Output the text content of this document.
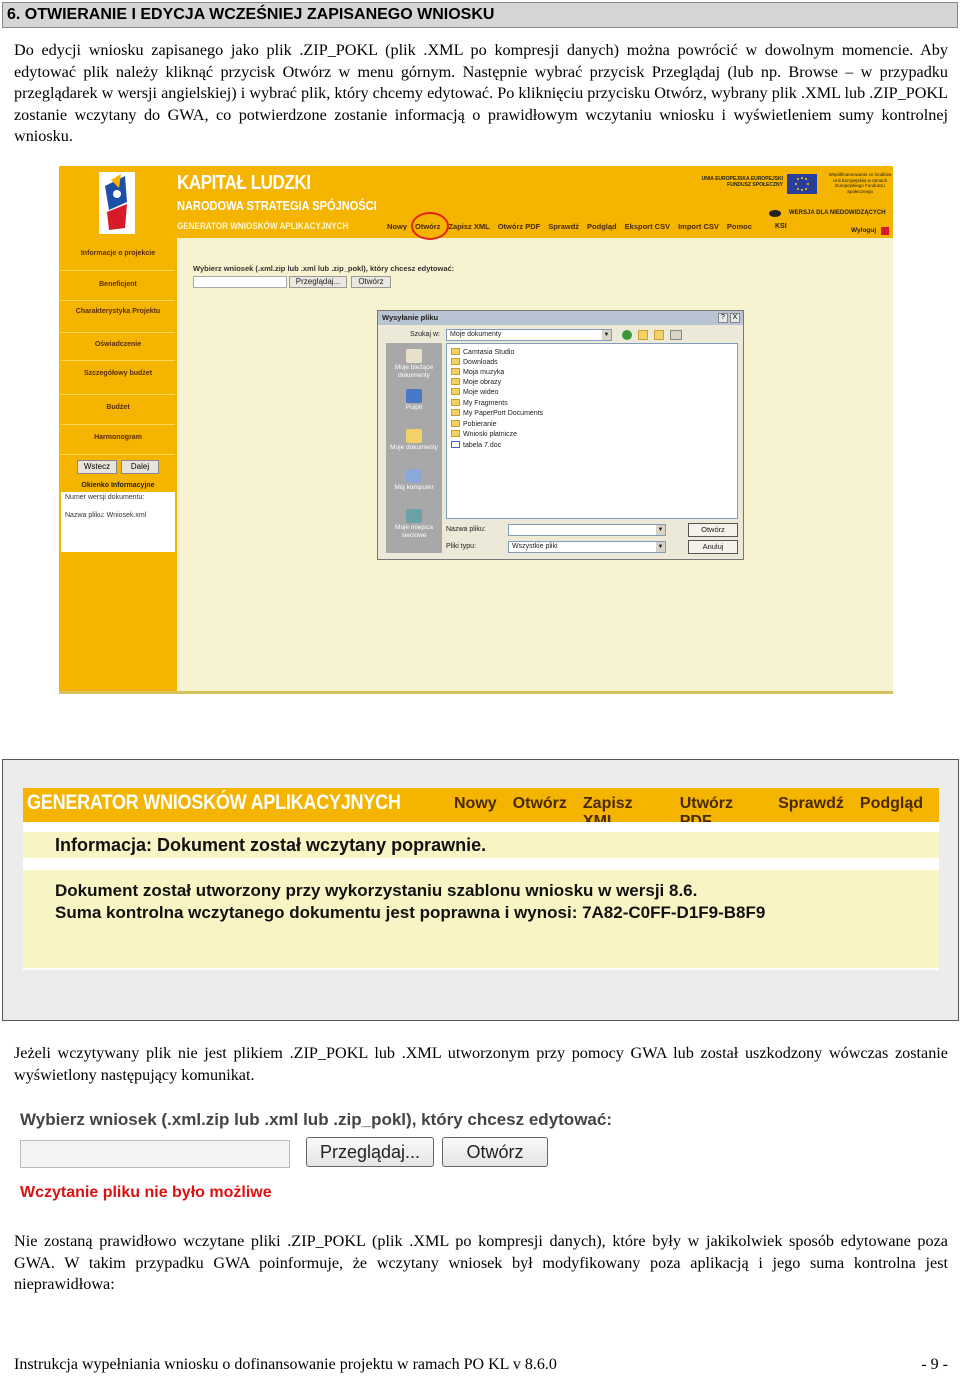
6. OTWIERANIE I EDYCJA WCZEŚNIEJ ZAPISANEGO WNIOSKU

Do edycji wniosku zapisanego jako plik .ZIP_POKL (plik .XML po kompresji danych) można powrócić w dowolnym momencie. Aby edytować plik należy kliknąć przycisk Otwórz w menu górnym. Następnie wybrać przycisk Przeglądaj (lub np. Browse – w przypadku przeglądarek w wersji angielskiej) i wybrać plik, który chcemy edytować. Po kliknięciu przycisku Otwórz, wybrany plik .XML lub .ZIP_POKL zostanie wczytany do GWA, co potwierdzone zostanie informacją o prawidłowym wczytaniu wniosku i wyświetleniem sumy kontrolnej wniosku.

KAPITAŁ LUDZKI
NARODOWA STRATEGIA SPÓJNOŚCI
GENERATOR WNIOSKÓW APLIKACYJNYCH	Nowy Otwórz Zapisz XML Otwórz PDF Sprawdź Podgląd Eksport CSV Import CSV Pomoc
UNIA EUROPEJSKA EUROPEJSKI FUNDUSZ SPOŁECZNY
Współfinansowanie ze środków Unii Europejskiej w ramach Europejskiego Funduszu Społecznego
WERSJA DLA NIEDOWIDZĄCYCH
KSI
Wyloguj
Informacje o projekcie
Beneficjent
Charakterystyka Projektu
Oświadczenie
Szczegółowy budżet
Budżet
Harmonogram
Wstecz	Dalej
Okienko Informacyjne
Numer wersji dokumentu:
Nazwa pliku: Wniosek.xml
Wybierz wniosek (.xml.zip lub .xml lub .zip_pokl), który chcesz edytować:
Przeglądaj...	Otwórz
Wysyłanie pliku	?	X
Szukaj w:	Moje dokumenty	▼
Moje bieżące dokumenty
Pulpit
Moje dokumenty
Mój komputer
Moje miejsca sieciowe
Camtasia Studio
Downloads
Moja muzyka
Moje obrazy
Moje wideo
My Fragments
My PaperPort Documents
Pobieranie
Wnioski płatnicze
tabela 7.doc
Nazwa pliku:	▼
Pliki typu:	Wszystkie pliki	▼
Otwórz
Anuluj
GENERATOR WNIOSKÓW APLIKACYJNYCH	Nowy Otwórz Zapisz	Utwórz	Sprawdź Podgląd
Informacja: Dokument został wczytany poprawnie.
Dokument został utworzony przy wykorzystaniu szablonu wniosku w wersji 8.6.
Suma kontrolna wczytanego dokumentu jest poprawna i wynosi: 7A82-C0FF-D1F9-B8F9

Jeżeli wczytywany plik nie jest plikiem .ZIP_POKL lub .XML utworzonym przy pomocy GWA lub został uszkodzony wówczas zostanie wyświetlony następujący komunikat.

Wybierz wniosek (.xml.zip lub .xml lub .zip_pokl), który chcesz edytować:
Przeglądaj...	Otwórz
Wczytanie pliku nie było możliwe

Nie zostaną prawidłowo wczytane pliki .ZIP_POKL (plik .XML po kompresji danych), które były w jakikolwiek sposób edytowane poza GWA. W takim przypadku GWA poinformuje, że wczytany wniosek był modyfikowany poza aplikacją i jego suma kontrolna jest nieprawidłowa:

Instrukcja wypełniania wniosku o dofinansowanie projektu w ramach PO KL v 8.6.0	- 9 -
